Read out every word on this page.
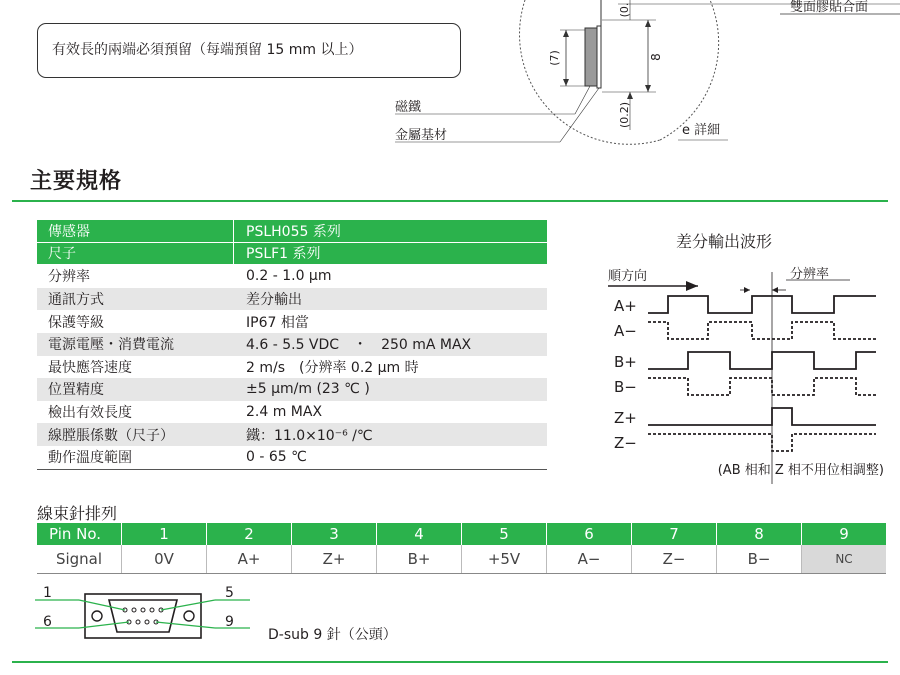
有效長的兩端必須預留（每端預留 15 mm 以上）	(7)	8
(0.2)
(0.	雙面膠貼合面
磁鐵
金屬基材	e 詳細
主要規格
傳感器	PSLH055 系列
尺子	PSLF1 系列
分辨率	0.2 - 1.0 μm
通訊方式	差分輸出
保護等級	IP67 相當
電源電壓・消費電流	4.6 - 5.5 VDC　・　250 mA MAX
最快應答速度	2 m/s　(分辨率 0.2 μm 時
位置精度	±5 μm/m (23 ℃ )
檢出有效長度	2.4 m MAX
線膛脹係數（尺子）	鐵：11.0×10⁻⁶ /℃
動作溫度範圍	0 - 65 ℃
差分輸出波形
順方向	分辨率
A+
A−
B+
B−
Z+
Z−
(AB 相和 Z 相不用位相調整)
線束針排列
Pin No.	1	2	3	4	5	6	7	8	9
Signal	0V	A+	Z+	B+	+5V	A−	Z−	B−	NC
1	5
6	9
D-sub 9 針（公頭）
